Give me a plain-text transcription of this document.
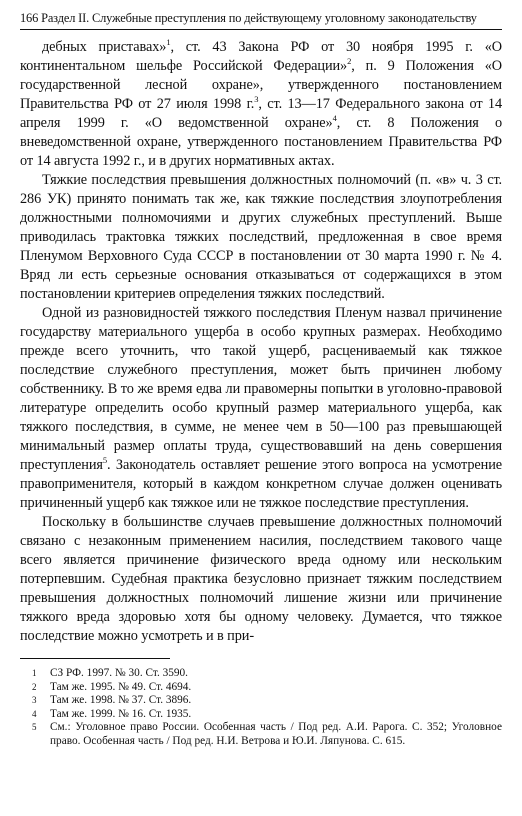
166 Раздел II. Служебные преступления по действующему уголовному законодательству

дебных приставах»$^1$, ст. 43 Закона РФ от 30 ноября 1995 г. «О континентальном шельфе Российской Федерации»$^2$, п. 9 Положения «О государственной лесной охране», утвержденного постановлением Правительства РФ от 27 июля 1998 г.$^3$, ст. 13—17 Федерального закона от 14 апреля 1999 г. «О ведомственной охране»$^4$, ст. 8 Положения о вневедомственной охране, утвержденного постановлением Правительства РФ от 14 августа 1992 г., и в других нормативных актах.

Тяжкие последствия превышения должностных полномочий (п. «в» ч. 3 ст. 286 УК) принято понимать так же, как тяжкие последствия злоупотребления должностными полномочиями и других служебных преступлений. Выше приводилась трактовка тяжких последствий, предложенная в свое время Пленумом Верховного Суда СССР в постановлении от 30 марта 1990 г. № 4. Вряд ли есть серьезные основания отказываться от содержащихся в этом постановлении критериев определения тяжких последствий.

Одной из разновидностей тяжкого последствия Пленум назвал причинение государству материального ущерба в особо крупных размерах. Необходимо прежде всего уточнить, что такой ущерб, расцениваемый как тяжкое последствие служебного преступления, может быть причинен любому собственнику. В то же время едва ли правомерны попытки в уголовно-правовой литературе определить особо крупный размер материального ущерба, как тяжкого последствия, в сумме, не менее чем в 50—100 раз превышающей минимальный размер оплаты труда, существовавший на день совершения преступления$^5$. Законодатель оставляет решение этого вопроса на усмотрение правоприменителя, который в каждом конкретном случае должен оценивать причиненный ущерб как тяжкое или не тяжкое последствие преступления.

Поскольку в большинстве случаев превышение должностных полномочий связано с незаконным применением насилия, последствием такового чаще всего является причинение физического вреда одному или нескольким потерпевшим. Судебная практика безусловно признает тяжким последствием превышения должностных полномочий лишение жизни или причинение тяжкого вреда здоровью хотя бы одному человеку. Думается, что тяжкое последствие можно усмотреть и в при-

1	СЗ РФ. 1997. № 30. Ст. 3590.
2	Там же. 1995. № 49. Ст. 4694.
3	Там же. 1998. № 37. Ст. 3896.
4	Там же. 1999. № 16. Ст. 1935.
5	См.: Уголовное право России. Особенная часть / Под ред. А.И. Рарога. С. 352; Уголовное право. Особенная часть / Под ред. Н.И. Ветрова и Ю.И. Ляпунова. С. 615.
